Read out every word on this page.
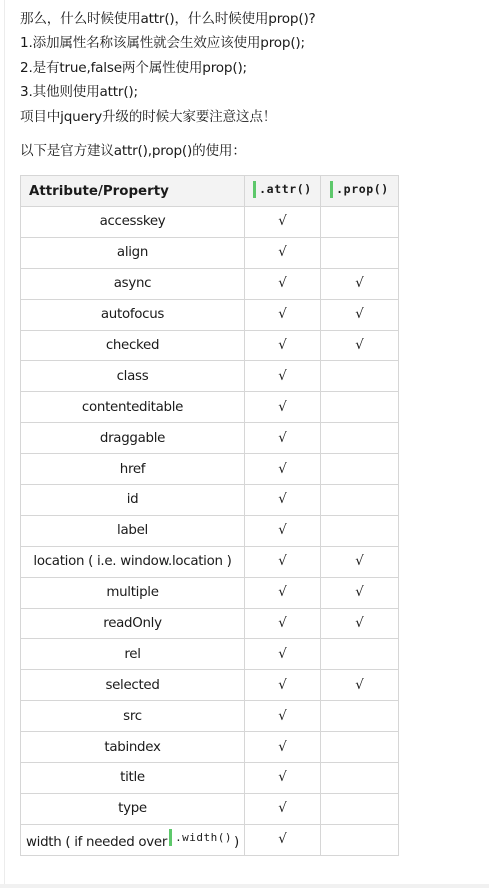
那么，什么时候使用attr()，什么时候使用prop()?

1.添加属性名称该属性就会生效应该使用prop();

2.是有true,false两个属性使用prop();

3.其他则使用attr();

项目中jquery升级的时候大家要注意这点！

以下是官方建议attr(),prop()的使用：

Attribute/Property	.attr()	.prop()

accesskey	√	
align	√	
async	√	√
autofocus	√	√
checked	√	√
class	√	
contenteditable	√	
draggable	√	
href	√	
id	√	
label	√	
location ( i.e. window.location )	√	√
multiple	√	√
readOnly	√	√
rel	√	
selected	√	√
src	√	
tabindex	√	
title	√	
type	√	
width ( if needed over .width() )	√	
